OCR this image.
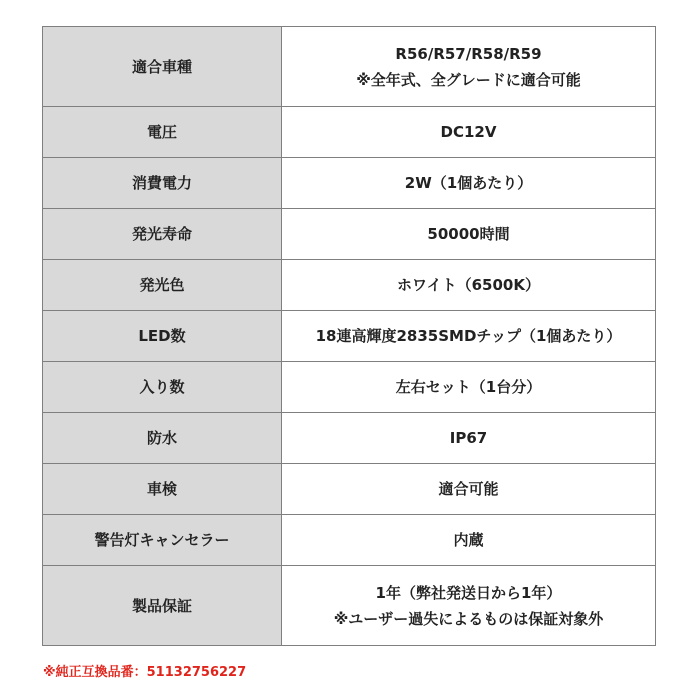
適合車種	R56/R57/R58/R59
※全年式、全グレードに適合可能

電圧	DC12V
消費電力	2W（1個あたり）
発光寿命	50000時間
発光色	ホワイト（6500K）
LED数	18連高輝度2835SMDチップ（1個あたり）
入り数	左右セット（1台分）
防水	IP67
車検	適合可能
警告灯キャンセラー	内蔵
製品保証	1年（弊社発送日から1年）
※ユーザー過失によるものは保証対象外
※純正互換品番：51132756227
